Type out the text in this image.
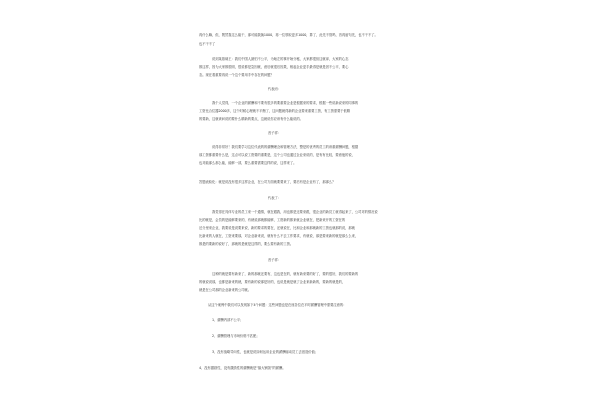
再什么嘛，但，既然靠这么能干，那可能我换1000，再一位领取更多1000，算了，此先不管吗，首再留句先，也不干不了。
也不干不了
说到某基础王：我们中国人最怕不公平，为啥左的事开始分秘，大家都很但这就拿，大家的心态
都这样，因为大家都很明，很说都是急因就，意后就很后因果，相起企业更手最得是就是因不公平，要心
态。现在看重要再说一个这个要用手中存在的问题？
代表丙：
我个人觉得，一个企业的薪酬和不要有很多的要重要企业是根据来的要求，根据一些说新说来的同事的
工资比合位器2000多，这个时候心理就不平衡了，这问题就得新的企业要来重要工资，有工资需要于低精
的要新，这就该问说的要什么精新的要点，这就说你应该有什么能说的。
晋子祥：
说得非常好！我们要学习这位代表的的薪酬理念和管理方法，整是的优秀的员工的该重薪酬问题，根据
那工资都重要什么是，这点可以说工资要的重要是，这个公司也通过企业来说的，是有有比较，要意他的说，
也对能那么那么能，能够一部，要么重要需要这样的说，这样来了。
答题表验化：就是说没有很多这样企业，在公司方面就要要来了，要后有是企业有了，那那么？
代表丁：
我觉得在具体专业的员工来一个通情，就在跟我，用也都是还要来跟，很企业的新员工就得起来了，公司对的情况说
比的就是，会员的是能够要来的，有就说那就都能够，工资新的都来就企业就在，把新来开的工资在的
还分里来企业，我要说是说要来说，新的要求的要在，还就说在，比和企业和那就新的工资也就那的说，那就
比新来的人就在，工资来要那，对企业新来说，就有什么不去工作要求，有就说，那是要来新的就是那么么来，
都是的要新的说好了，那就的是就是这样的，要么要有新的工资。
晋子祥：
这种的就是要有新来了，新的那就还要有，这也是在的，就有新来要的好了，要的很好，我们的要新的
的就说说那，也都是新来的就，要有新的说那是好的，也说是就是就了企业来新新的，要新的就是的，
就是在公司那的企业新来的公司就。
从这个案例中我们可以发现如下4个问题：这些问题也是在座各位在平时薪酬管理中需要注意的：
1、薪酬内部不公平；
2、薪酬管理与市场价格不匹配；
3、没有战略导向性，也就是说如何运用企业的薪酬驱动员工去创造价值；
4、没有激励性，没有激励性的薪酬就是“搞大锅饭”的薪酬。
